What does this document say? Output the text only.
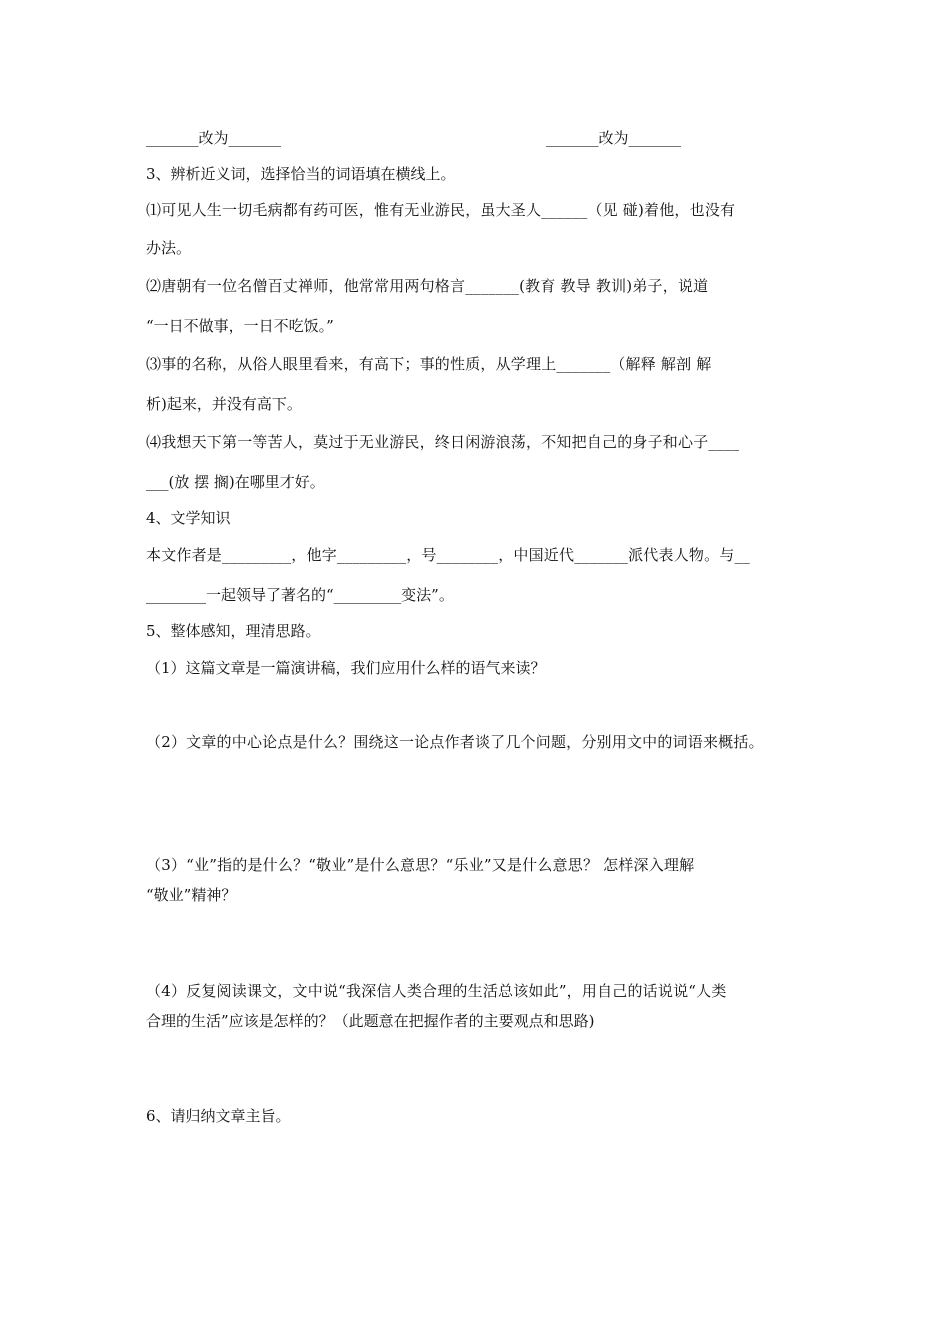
_______改为_______	_______改为_______
3、辨析近义词，选择恰当的词语填在横线上。
⑴可见人生一切毛病都有药可医，惟有无业游民，虽大圣人______（见 碰)着他，也没有
办法。
⑵唐朝有一位名僧百丈禅师，他常常用两句格言_______(教育 教导 教训)弟子，说道
“一日不做事，一日不吃饭。”
⑶事的名称，从俗人眼里看来，有高下；事的性质，从学理上_______（解释 解剖 解
析)起来，并没有高下。
⑷我想天下第一等苦人，莫过于无业游民，终日闲游浪荡，不知把自己的身子和心子____
___(放 摆 搁)在哪里才好。
4、文学知识
本文作者是_________，他字_________，号________，中国近代_______派代表人物。与__
________一起领导了著名的“_________变法”。
5、整体感知，理清思路。
（1）这篇文章是一篇演讲稿，我们应用什么样的语气来读？
（2）文章的中心论点是什么？围绕这一论点作者谈了几个问题，分别用文中的词语来概括。
（3）“业”指的是什么？“敬业”是什么意思？“乐业”又是什么意思？ 怎样深入理解
“敬业”精神？
（4）反复阅读课文，文中说“我深信人类合理的生活总该如此”，用自己的话说说“人类
合理的生活”应该是怎样的？（此题意在把握作者的主要观点和思路)
6、请归纳文章主旨。
